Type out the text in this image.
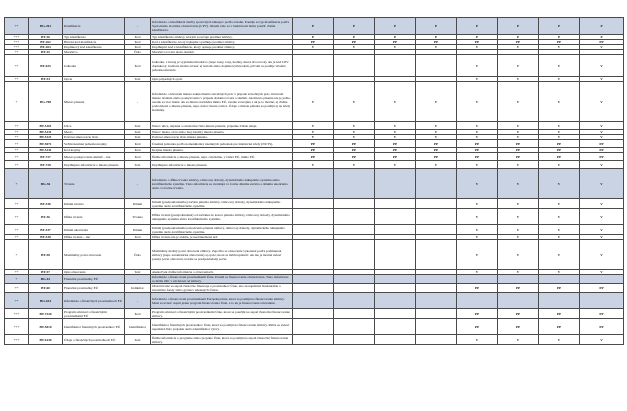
++	BG-261	Klasifikácia	-	Informácia o klasifikácii služby spoločných nákupov podľa obsahu. Použije sa typ klasifikácie podľa Spoločného slovníka obstarávania (CPV). Okrem toho sa v budúcnosti môže použiť ďalšia klasifikácia.	P	P	P	P	P	P	P	P
+++	BT-26	Typ klasifikácie	Kód	Typ klasifikácie zmluvy, ktorým sa určuje predmet zmluvy.	P	P	P	P	P	P	P	P
+++	BT-262	Hlavná kód klasifikácie	Kód	Kód z klasifikácie, ktorý najlepšie vystihuje predmet zmluvy.	PP	PP	PP	PP	PP	PP	PP	PP
+++	BT-263	Doplnkový kód klasifikácie	Kód	Doplňujúci kód z klasifikácie, ktorý opisuje predmet zmluvy.	V	V	V	V	V	V	V	V
++	BT-25	Množstvo	Číslo	Množstvo tovaru alebo služieb.								
++	BT-625	Jednotka	Kód	Jednotka, v ktorej je vyjadrené množstvo (napr. kusy, tony, hodiny, metre štvorcové). Ak je kód CPV doplnkový, hodnotu možno uviesť aj textom alebo doplnkovým kódom, pričom sa použije vhodná jednotka merania.					V	V	V	V
++	BT-54	Opcie	Text	Opis prípadných opcií.					V	V	V	V
+	BG-708	Miesto plnenia	-	Informácie o hlavnom mieste uskutočnenia stavebných prác v prípade stavebných prác, hlavnom mieste dodania alebo poskytovania v prípade dodania tovaru a služieb. Ak miesto plnenia nie je jedno, uvedie sa viac miest. Ak sa miesto nachádza mimo EÚ, uvedie sa krajina a ak je to možné, aj ďalšie podrobnosti o mieste plnenia, napr. názov mesta a ulice. Údaje o mieste plnenia sa použijú aj na účely štatistiky.	V	V	V	V	V	V	V	V
++	BT-5101	Ulica	Text	Názov ulice, súpisné a orientačné číslo miesta plnenia, prípadne ďalšie údaje.	V	V	V	V	V	V	V	V
++	BT-5131	Mesto	Text	Názov mesta, obce alebo inej lokality miesta plnenia.	V	V	V	V	V	V	V	V
++	BT-5121	Poštové smerovacie číslo	Text	Poštové smerovacie číslo miesta plnenia.	V	V	V	V	V	V	V	V
++	BT-5071	Veľmi územná jednotka krajiny	Kód	Územná jednotka podľa nomenklatúry územných jednotiek pre štatistické účely (NUTS).	PP	PP	PP	PP	PP	PP	PP	PP
++	BT-5141	Kód krajiny	Kód	Krajina miesta plnenia.	PP	PP	PP	PP	PP	PP	PP	PP
++	BT-727	Miesto poskytovania služieb – iné	Kód	Ďalšie informácie o mieste plnenia, napr. celoštátne, v rámci EÚ, mimo EÚ.	PP	PP	PP	PP	PP	PP	PP	PP
++	BT-728	Doplňujúce informácie o mieste plnenia	Text	Doplňujúce informácie o mieste plnenia.	V	V	V	V	V	V	V	V
+	BG-36	Trvanie	-	Informácie o dĺžke trvania zmluvy, rámcovej dohody, dynamického nákupného systému alebo kvalifikačného systému. Tieto informácie sa uvádzajú vo forme dátumu začatia a dátumu ukončenia alebo vo forme trvania.					V	V	V	V
++	BT-536	Dátum začatia	Dátum	Dátum (predpokladaného) začatia plnenia zmluvy, rámcovej dohody, dynamického nákupného systému alebo kvalifikačného systému.					V	V	V	V
++	BT-36	Dĺžka trvania	Trvanie	Dĺžka trvania (predpokladaná) od začiatku do konca plnenia zmluvy, rámcovej dohody, dynamického nákupného systému alebo kvalifikačného systému.					V	V	V	V
++	BT-537	Dátum ukončenia	Dátum	Dátum (predpokladaného) ukončenia plnenia zmluvy, rámcovej dohody, dynamického nákupného systému alebo kvalifikačného systému.					V	V	V	V
++	BT-538	Dĺžka trvania – iné	Kód	Dĺžka trvania nie je známa, je neobmedzená atď.					V	V	V	V
+	BT-58	Maximálny počet obnovení	Číslo	Maximálny možný počet obnovení zmluvy. Započíta sa obnovenie vykonané podľa podmienok zmluvy (napr. automatické obnovenie) aj opcie, ktoré sa môžu uplatniť. Ak nie je možné uviesť presný počet obnovení, uvedie sa predpokladaný počet.					V	V	V	V
++	BT-57	Opis obnovenia	Text	Akékoľvek ďalšie informácie o obnoveniach.					V	V	V	V
+	BG-61	Finančné prostriedky EÚ	-	Informácie o financovaní prostriedkami Únie. Posúdi sa financovanie obstarávania. Tieto informácie sa môžu líšiť v závislosti od zmluvy.								
++	BT-60	Finančné prostriedky EÚ	Indikátor	Obstarávanie sa aspoň čiastočne financuje z prostriedkov Únie, ako sú napríklad štrukturálne a investičné fondy alebo grantov udelených Úniou.					PP	PP	PP	PP
++	BG-614	Informácie o finančných prostriedkoch EÚ	-	Informácie o financovaní prostriedkami Európskej únie, ktoré sa použijú na financovanie zmluvy. Musí sa uviesť aspoň jeden program financovania Únie, a to ak je financovanie relevantné.								
+++	BT-7220	Program súvisiaci s finančnými prostriedkami EÚ	Kód	Program súvisiaci s finančnými prostriedkami Únie, ktoré sa použijú na aspoň čiastočné financovanie zmluvy.					PP	PP	PP	PP
+++	BT-5010	Identifikátor finančných prostriedkov EÚ	Identifikátor	Identifikátor finančných prostriedkov Únie, ktoré sa použijú na financovanie zmluvy. Môže sa uviesť napríklad číslo projektu alebo identifikátor výzvy.					PP	PP	PP	PP
+++	BT-6140	Údaje o finančných prostriedkoch EÚ	Text	Ďalšie informácie o programe alebo projekte Únie, ktoré sa použijú na aspoň čiastočné financovanie zmluvy.					V	V	V	V
